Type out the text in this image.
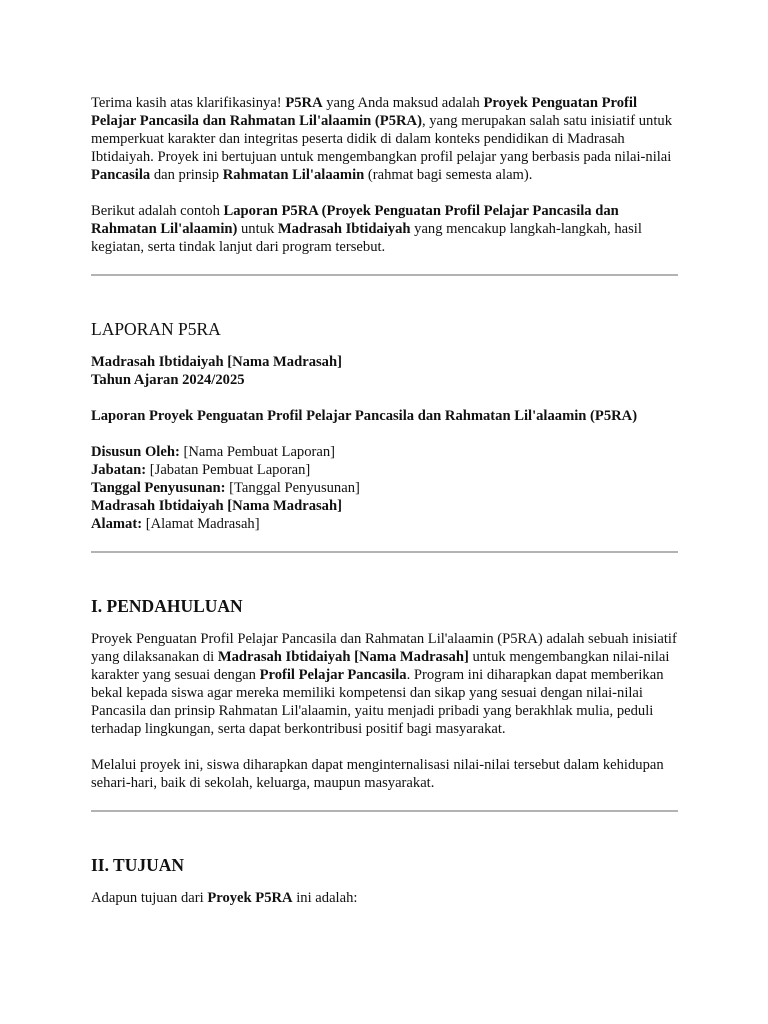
Terima kasih atas klarifikasinya! P5RA yang Anda maksud adalah Proyek Penguatan Profil Pelajar Pancasila dan Rahmatan Lil'alaamin (P5RA), yang merupakan salah satu inisiatif untuk memperkuat karakter dan integritas peserta didik di dalam konteks pendidikan di Madrasah Ibtidaiyah. Proyek ini bertujuan untuk mengembangkan profil pelajar yang berbasis pada nilai-nilai Pancasila dan prinsip Rahmatan Lil'alaamin (rahmat bagi semesta alam).

Berikut adalah contoh Laporan P5RA (Proyek Penguatan Profil Pelajar Pancasila dan Rahmatan Lil'alaamin) untuk Madrasah Ibtidaiyah yang mencakup langkah-langkah, hasil kegiatan, serta tindak lanjut dari program tersebut.

LAPORAN P5RA

Madrasah Ibtidaiyah [Nama Madrasah]

Tahun Ajaran 2024/2025

Laporan Proyek Penguatan Profil Pelajar Pancasila dan Rahmatan Lil'alaamin (P5RA)

Disusun Oleh: [Nama Pembuat Laporan]

Jabatan: [Jabatan Pembuat Laporan]

Tanggal Penyusunan: [Tanggal Penyusunan]

Madrasah Ibtidaiyah [Nama Madrasah]

Alamat: [Alamat Madrasah]

I. PENDAHULUAN

Proyek Penguatan Profil Pelajar Pancasila dan Rahmatan Lil'alaamin (P5RA) adalah sebuah inisiatif yang dilaksanakan di Madrasah Ibtidaiyah [Nama Madrasah] untuk mengembangkan nilai-nilai karakter yang sesuai dengan Profil Pelajar Pancasila. Program ini diharapkan dapat memberikan bekal kepada siswa agar mereka memiliki kompetensi dan sikap yang sesuai dengan nilai-nilai Pancasila dan prinsip Rahmatan Lil'alaamin, yaitu menjadi pribadi yang berakhlak mulia, peduli terhadap lingkungan, serta dapat berkontribusi positif bagi masyarakat.

Melalui proyek ini, siswa diharapkan dapat menginternalisasi nilai-nilai tersebut dalam kehidupan sehari-hari, baik di sekolah, keluarga, maupun masyarakat.

II. TUJUAN

Adapun tujuan dari Proyek P5RA ini adalah:
